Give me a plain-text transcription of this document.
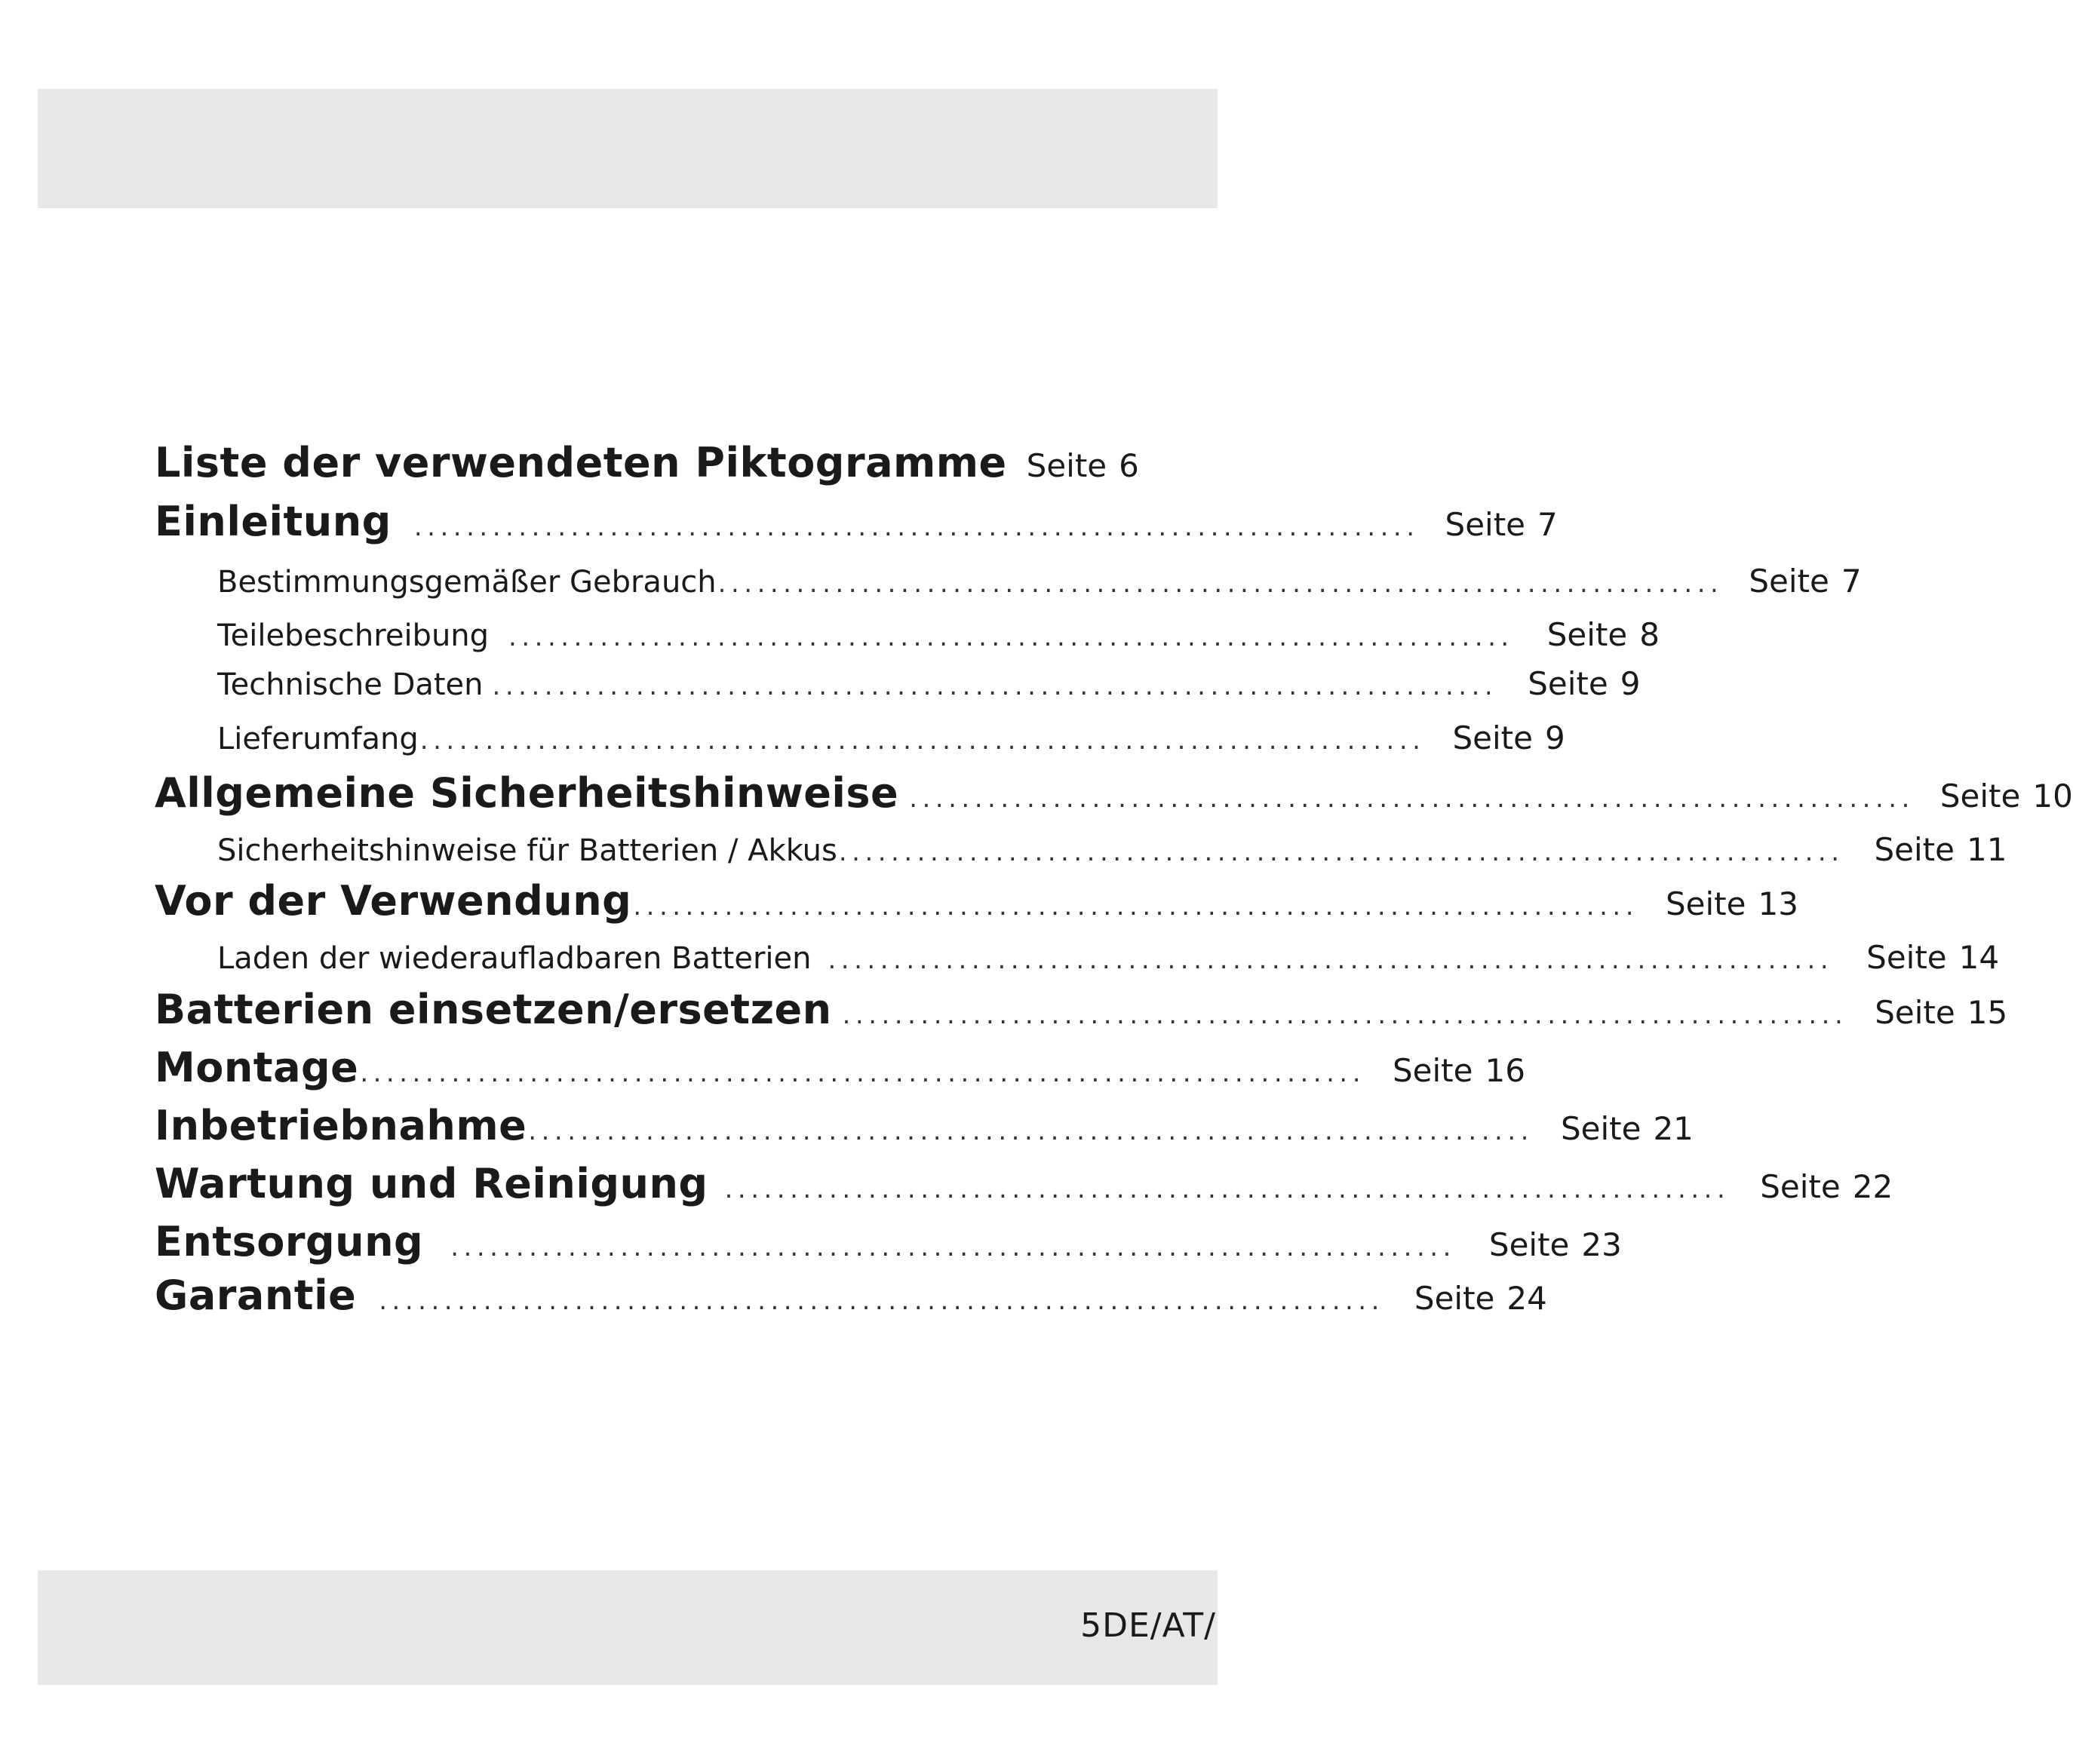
Liste der verwendeten Piktogramme Seite 6
Einleitung ............................................................................. Seite 7
Bestimmungsgemäßer Gebrauch ............................................................................. Seite 7
Teilebeschreibung ............................................................................. Seite 8
Technische Daten ............................................................................. Seite 9
Lieferumfang ............................................................................. Seite 9
Allgemeine Sicherheitshinweise ............................................................................. Seite 10
Sicherheitshinweise für Batterien / Akkus ............................................................................. Seite 11
Vor der Verwendung ............................................................................. Seite 13
Laden der wiederaufladbaren Batterien ............................................................................. Seite 14
Batterien einsetzen/ersetzen ............................................................................. Seite 15
Montage ............................................................................. Seite 16
Inbetriebnahme ............................................................................. Seite 21
Wartung und Reinigung ............................................................................. Seite 22
Entsorgung ............................................................................. Seite 23
Garantie ............................................................................. Seite 24
5DE/AT/
